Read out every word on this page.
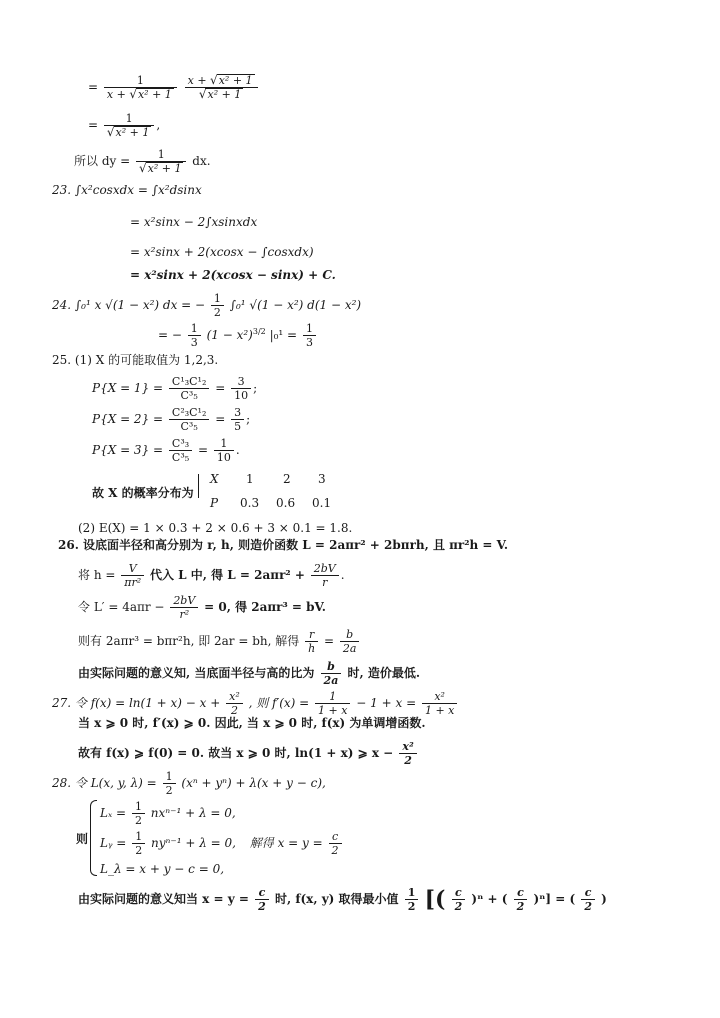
= $\frac{1}{\text{x + √x² + 1}}$
$\frac{\text{x + √x² + 1}}{\text{√x² + 1}}$
= $\frac{1}{\text{√x² + 1}}$ ,
所以 dy = $\frac{1}{\text{√x² + 1}}$ dx.
23. ∫x²cosxdx = ∫x²dsinx
= x²sinx − 2∫xsinxdx
= x²sinx + 2(xcosx − ∫cosxdx)
= x²sinx + 2(xcosx − sinx) + C.
24. ∫₀¹ x √(1 − x²) dx = − $\frac{1}{2} \int_0^1$ √(1 − x²) d(1 − x²)
= − $\frac{1}{3} (1 - x^2)^{3/2}$ $|_0^1 = \frac{1}{3}$
25. (1) X 的可能取值为 1,2,3.
$P\{X = 1\} = \frac{\text{C¹₃C¹₂}}{\text{C³₅}} = \frac{3}{10}$ ;
$P\{X = 2\} = \frac{\text{C²₃C¹₂}}{\text{C³₅}} = \frac{3}{5}$ ;
$P\{X = 3\} = \frac{\text{C³₃}}{\text{C³₅}} = \frac{1}{10}$ .
故 X 的概率分布为
X 1 2 3
P 0.3 0.6 0.1
(2) E(X) = 1 × 0.3 + 2 × 0.6 + 3 × 0.1 = 1.8.
26. 设底面半径和高分别为 r, h, 则造价函数 L = 2aπr² + 2bπrh, 且 πr²h = V.
将 $h = \frac{V}{\text{πr²}}$ 代入 L 中, 得 $L = 2a\pi r^2 + \frac{2bV}{r}$ .
令 $L' = 4a\pi r - \frac{2bV}{\text{r²}} = 0$, 得 2aπr³ = bV.
则有 2aπr³ = bπr²h, 即 2ar = bh, 解得 $\frac{r}{h} = \frac{b}{2a}$
由实际问题的意义知, 当底面半径与高的比为 $\frac{b}{2a}$ 时, 造价最低.
27. 令 $f(x) = \ln(1 + x) - x + \frac{\text{x²}}{2}$ , 则 $f'(x) = \frac{1}{1 + x} - 1 + x = \frac{\text{x²}}{1 + x}$
当 x ⩾ 0 时, f′(x) ⩾ 0. 因此, 当 x ⩾ 0 时, f(x) 为单调增函数.
故有 f(x) ⩾ f(0) = 0. 故当 x ⩾ 0 时, ln(1 + x) ⩾ $x - \frac{\text{x²}}{2}$
28. 令 L(x, y, $\lambda) = \frac{1}{2} (x^n + y^n) + \lambda(x + y - c)$,
则
$L_x = \frac{1}{2} nx^{n-1} + \lambda = 0$,
Lᵧ = $\frac{1}{2} ny^{n-1} + \lambda = 0$, 解得 $x = y = \frac{c}{2}$
L_λ = x + y − c = 0,
由实际问题的意义知当 $x = y = \frac{c}{2}$ 时, f(x, y) 取得最小值 $\frac{1}{2}$ [( $\frac{c}{2} )^n$ + ( $\frac{c}{2} )^n$] = ( $\frac{c}{2}$ )
